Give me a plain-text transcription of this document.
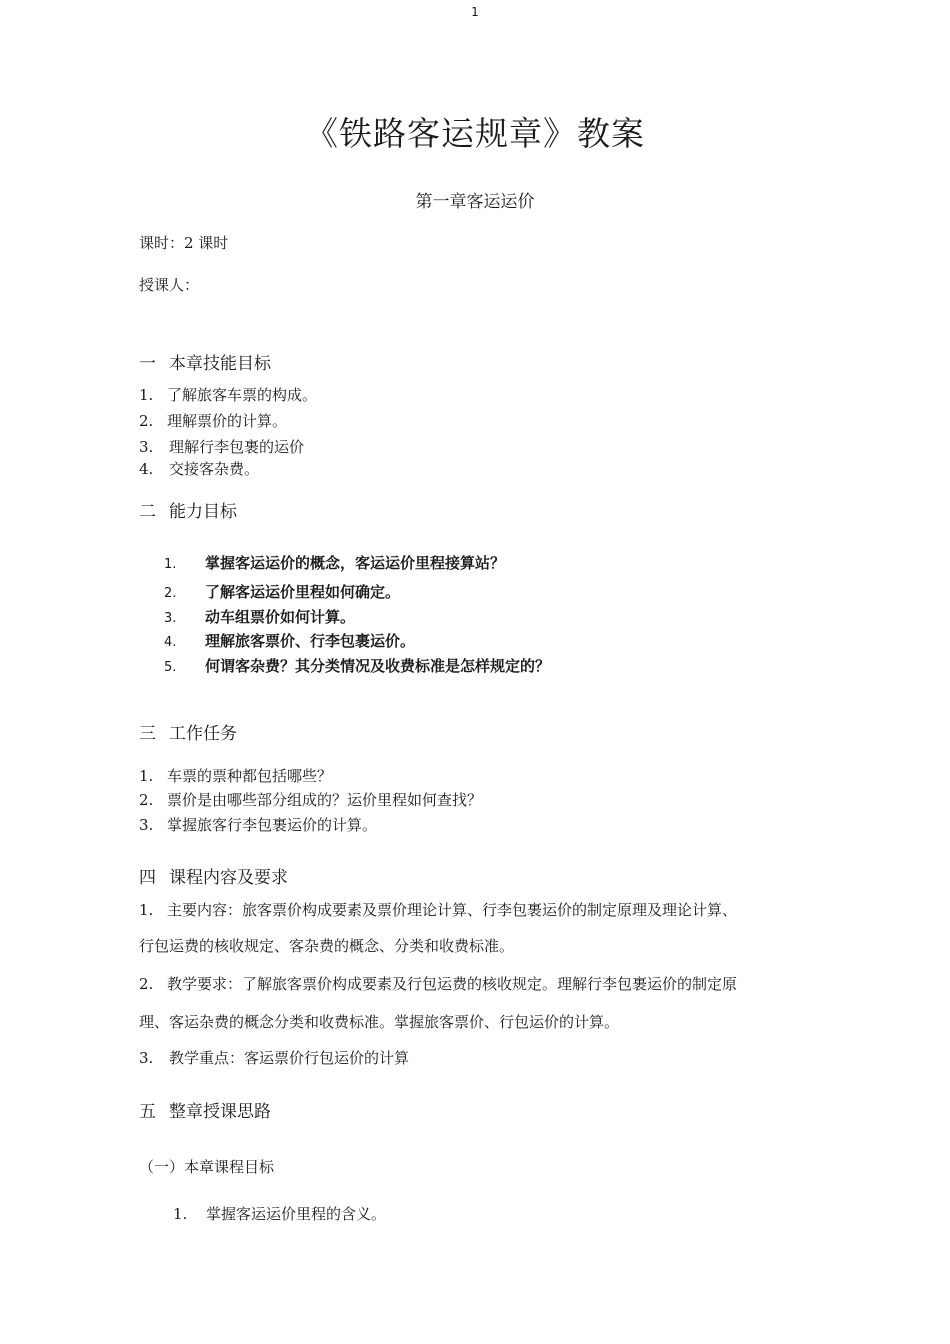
1
《铁路客运规章》教案
第一章客运运价
课时：2 课时
授课人：
一 本章技能目标
1. 了解旅客车票的构成。
2. 理解票价的计算。
3. 理解行李包裹的运价
4. 交接客杂费。
二 能力目标
1. 掌握客运运价的概念，客运运价里程接算站？
2. 了解客运运价里程如何确定。
3. 动车组票价如何计算。
4. 理解旅客票价、行李包裹运价。
5. 何谓客杂费？其分类情况及收费标准是怎样规定的？
三 工作任务
1. 车票的票种都包括哪些？
2. 票价是由哪些部分组成的？运价里程如何查找？
3. 掌握旅客行李包裹运价的计算。
四 课程内容及要求
1. 主要内容：旅客票价构成要素及票价理论计算、行李包裹运价的制定原理及理论计算、
行包运费的核收规定、客杂费的概念、分类和收费标准。
2. 教学要求：了解旅客票价构成要素及行包运费的核收规定。理解行李包裹运价的制定原
理、客运杂费的概念分类和收费标准。掌握旅客票价、行包运价的计算。
3. 教学重点：客运票价行包运价的计算
五 整章授课思路
（一）本章课程目标
1. 掌握客运运价里程的含义。
